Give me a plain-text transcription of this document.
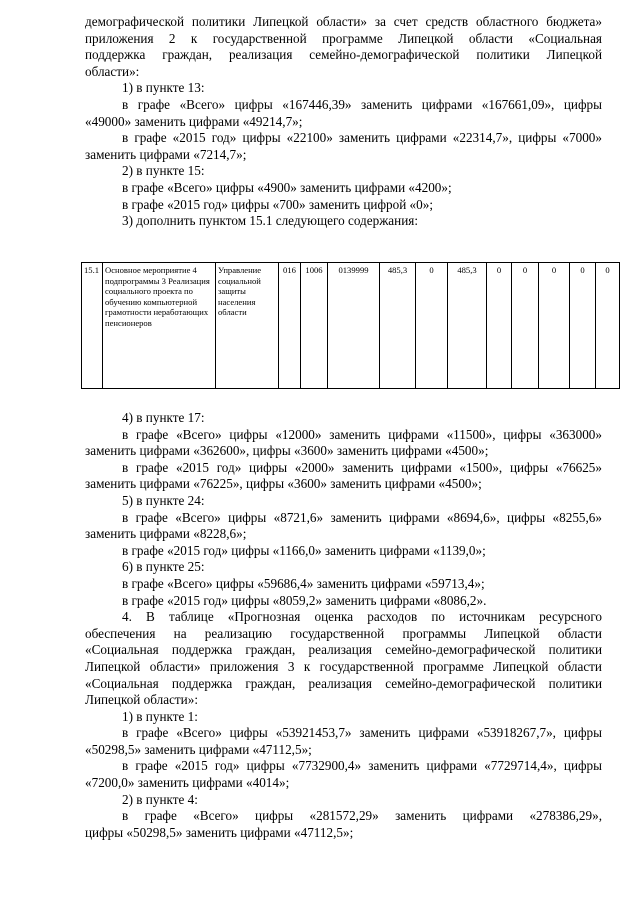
демографической политики Липецкой области» за счет средств областного бюджета»

приложения 2 к государственной программе Липецкой области «Социальная

поддержка граждан, реализация семейно-демографической политики Липецкой

области»:

1) в пункте 13:

в графе «Всего» цифры «167446,39» заменить цифрами «167661,09», цифры

«49000» заменить цифрами «49214,7»;

в графе «2015 год» цифры «22100» заменить цифрами «22314,7», цифры «7000»

заменить цифрами «7214,7»;

2) в пункте 15:

в графе «Всего» цифры «4900» заменить цифрами «4200»;

в графе «2015 год» цифры «700» заменить цифрой «0»;

3) дополнить пунктом 15.1 следующего содержания:

15.1	Основное мероприятие 4 подпрограммы 3 Реализация социального проекта по обучению компьютерной грамотности неработающих пенсионеров	Управление социальной защиты населения области	016	1006	0139999	485,3	0	485,3	0	0	0	0	0

4) в пункте 17:

в графе «Всего» цифры «12000» заменить цифрами «11500», цифры «363000»

заменить цифрами «362600», цифры «3600» заменить цифрами «4500»;

в графе «2015 год» цифры «2000» заменить цифрами «1500», цифры «76625»

заменить цифрами «76225», цифры «3600» заменить цифрами «4500»;

5) в пункте 24:

в графе «Всего» цифры «8721,6» заменить цифрами «8694,6», цифры «8255,6»

заменить цифрами «8228,6»;

в графе «2015 год» цифры «1166,0» заменить цифрами «1139,0»;

6) в пункте 25:

в графе «Всего» цифры «59686,4» заменить цифрами «59713,4»;

в графе «2015 год» цифры «8059,2» заменить цифрами «8086,2».

4. В таблице «Прогнозная оценка расходов по источникам ресурсного

обеспечения на реализацию государственной программы Липецкой области

«Социальная поддержка граждан, реализация семейно-демографической политики

Липецкой области» приложения 3 к государственной программе Липецкой области

«Социальная поддержка граждан, реализация семейно-демографической политики

Липецкой области»:

1) в пункте 1:

в графе «Всего» цифры «53921453,7» заменить цифрами «53918267,7», цифры

«50298,5» заменить цифрами «47112,5»;

в графе «2015 год» цифры «7732900,4» заменить цифрами «7729714,4», цифры

«7200,0» заменить цифрами «4014»;

2) в пункте 4:

в графе «Всего» цифры «281572,29» заменить цифрами «278386,29»,

цифры «50298,5» заменить цифрами «47112,5»;
